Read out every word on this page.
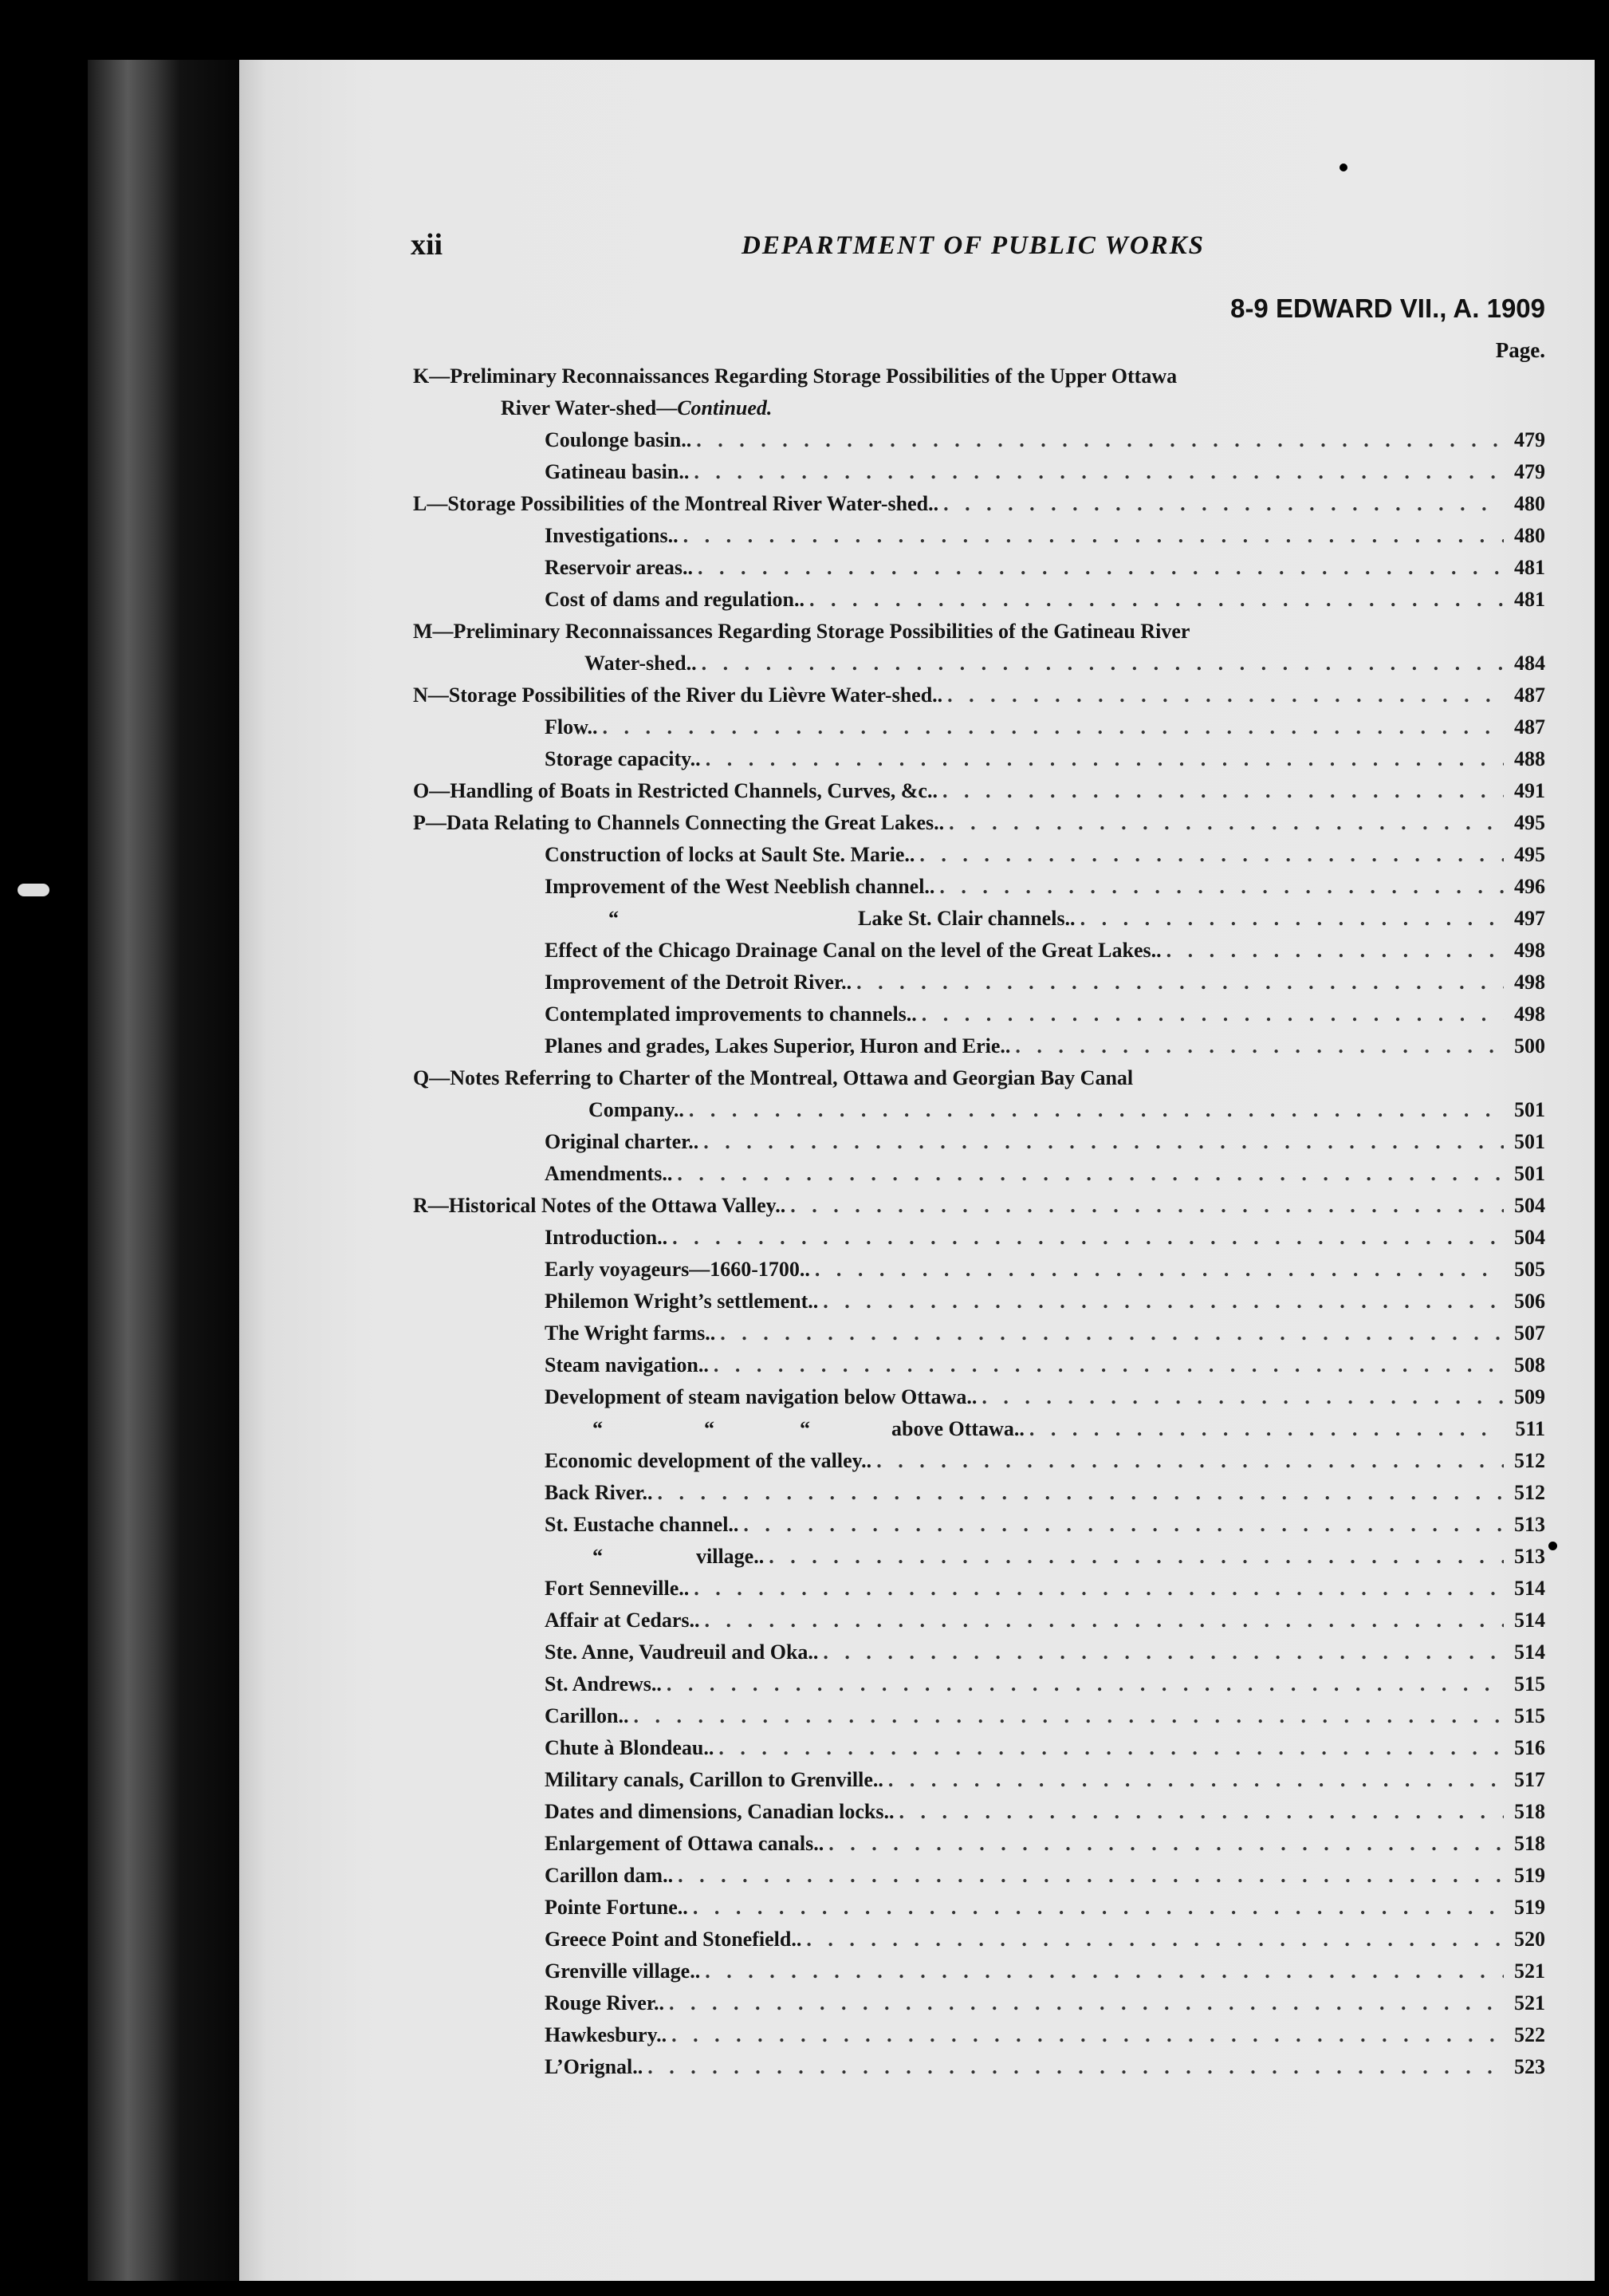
xii	DEPARTMENT OF PUBLIC WORKS
8-9 EDWARD VII., A. 1909
Page.
K—Preliminary Reconnaissances Regarding Storage Possibilities of the Upper Ottawa
River Water-shed— Continued.
Coulonge basin.. . . .	479
Gatineau basin.. . . .	479
L—Storage Possibilities of the Montreal River Water-shed.. . . .	480
Investigations.. . . .	480
Reservoir areas.. . . .	481
Cost of dams and regulation.. . . .	481
M—Preliminary Reconnaissances Regarding Storage Possibilities of the Gatineau River
Water-shed.. . . .	484
N—Storage Possibilities of the River du Lièvre Water-shed.. . . .	487
Flow.. . . .	487
Storage capacity.. . . .	488
O—Handling of Boats in Restricted Channels, Curves, &c.. . . .	491
P—Data Relating to Channels Connecting the Great Lakes.. . . .	495
Construction of locks at Sault Ste. Marie.. . . .	495
Improvement of the West Neeblish channel.. . . .	496
“	Lake St. Clair channels.. . . .	497
Effect of the Chicago Drainage Canal on the level of the Great Lakes.. . . .	498
Improvement of the Detroit River.. . . .	498
Contemplated improvements to channels.. . . .	498
Planes and grades, Lakes Superior, Huron and Erie.. . . .	500
Q—Notes Referring to Charter of the Montreal, Ottawa and Georgian Bay Canal
Company.. . . .	501
Original charter.. . . .	501
Amendments.. . . .	501
R—Historical Notes of the Ottawa Valley.. . . .	504
Introduction.. . . .	504
Early voyageurs—1660-1700.. . . .	505
Philemon Wright’s settlement.. . . .	506
The Wright farms.. . . .	507
Steam navigation.. . . .	508
Development of steam navigation below Ottawa.. . . .	509
“	“	“	above Ottawa.. . . .	511
Economic development of the valley.. . . .	512
Back River.. . . .	512
St. Eustache channel.. . . .	513
“	village.. . . .	513
Fort Senneville.. . . .	514
Affair at Cedars.. . . .	514
Ste. Anne, Vaudreuil and Oka.. . . .	514
St. Andrews.. . . .	515
Carillon.. . . .	515
Chute à Blondeau.. . . .	516
Military canals, Carillon to Grenville.. . . .	517
Dates and dimensions, Canadian locks.. . . .	518
Enlargement of Ottawa canals.. . . .	518
Carillon dam.. . . .	519
Pointe Fortune.. . . .	519
Greece Point and Stonefield.. . . .	520
Grenville village.. . . .	521
Rouge River.. . . .	521
Hawkesbury.. . . .	522
L’Orignal.. . . .	523
